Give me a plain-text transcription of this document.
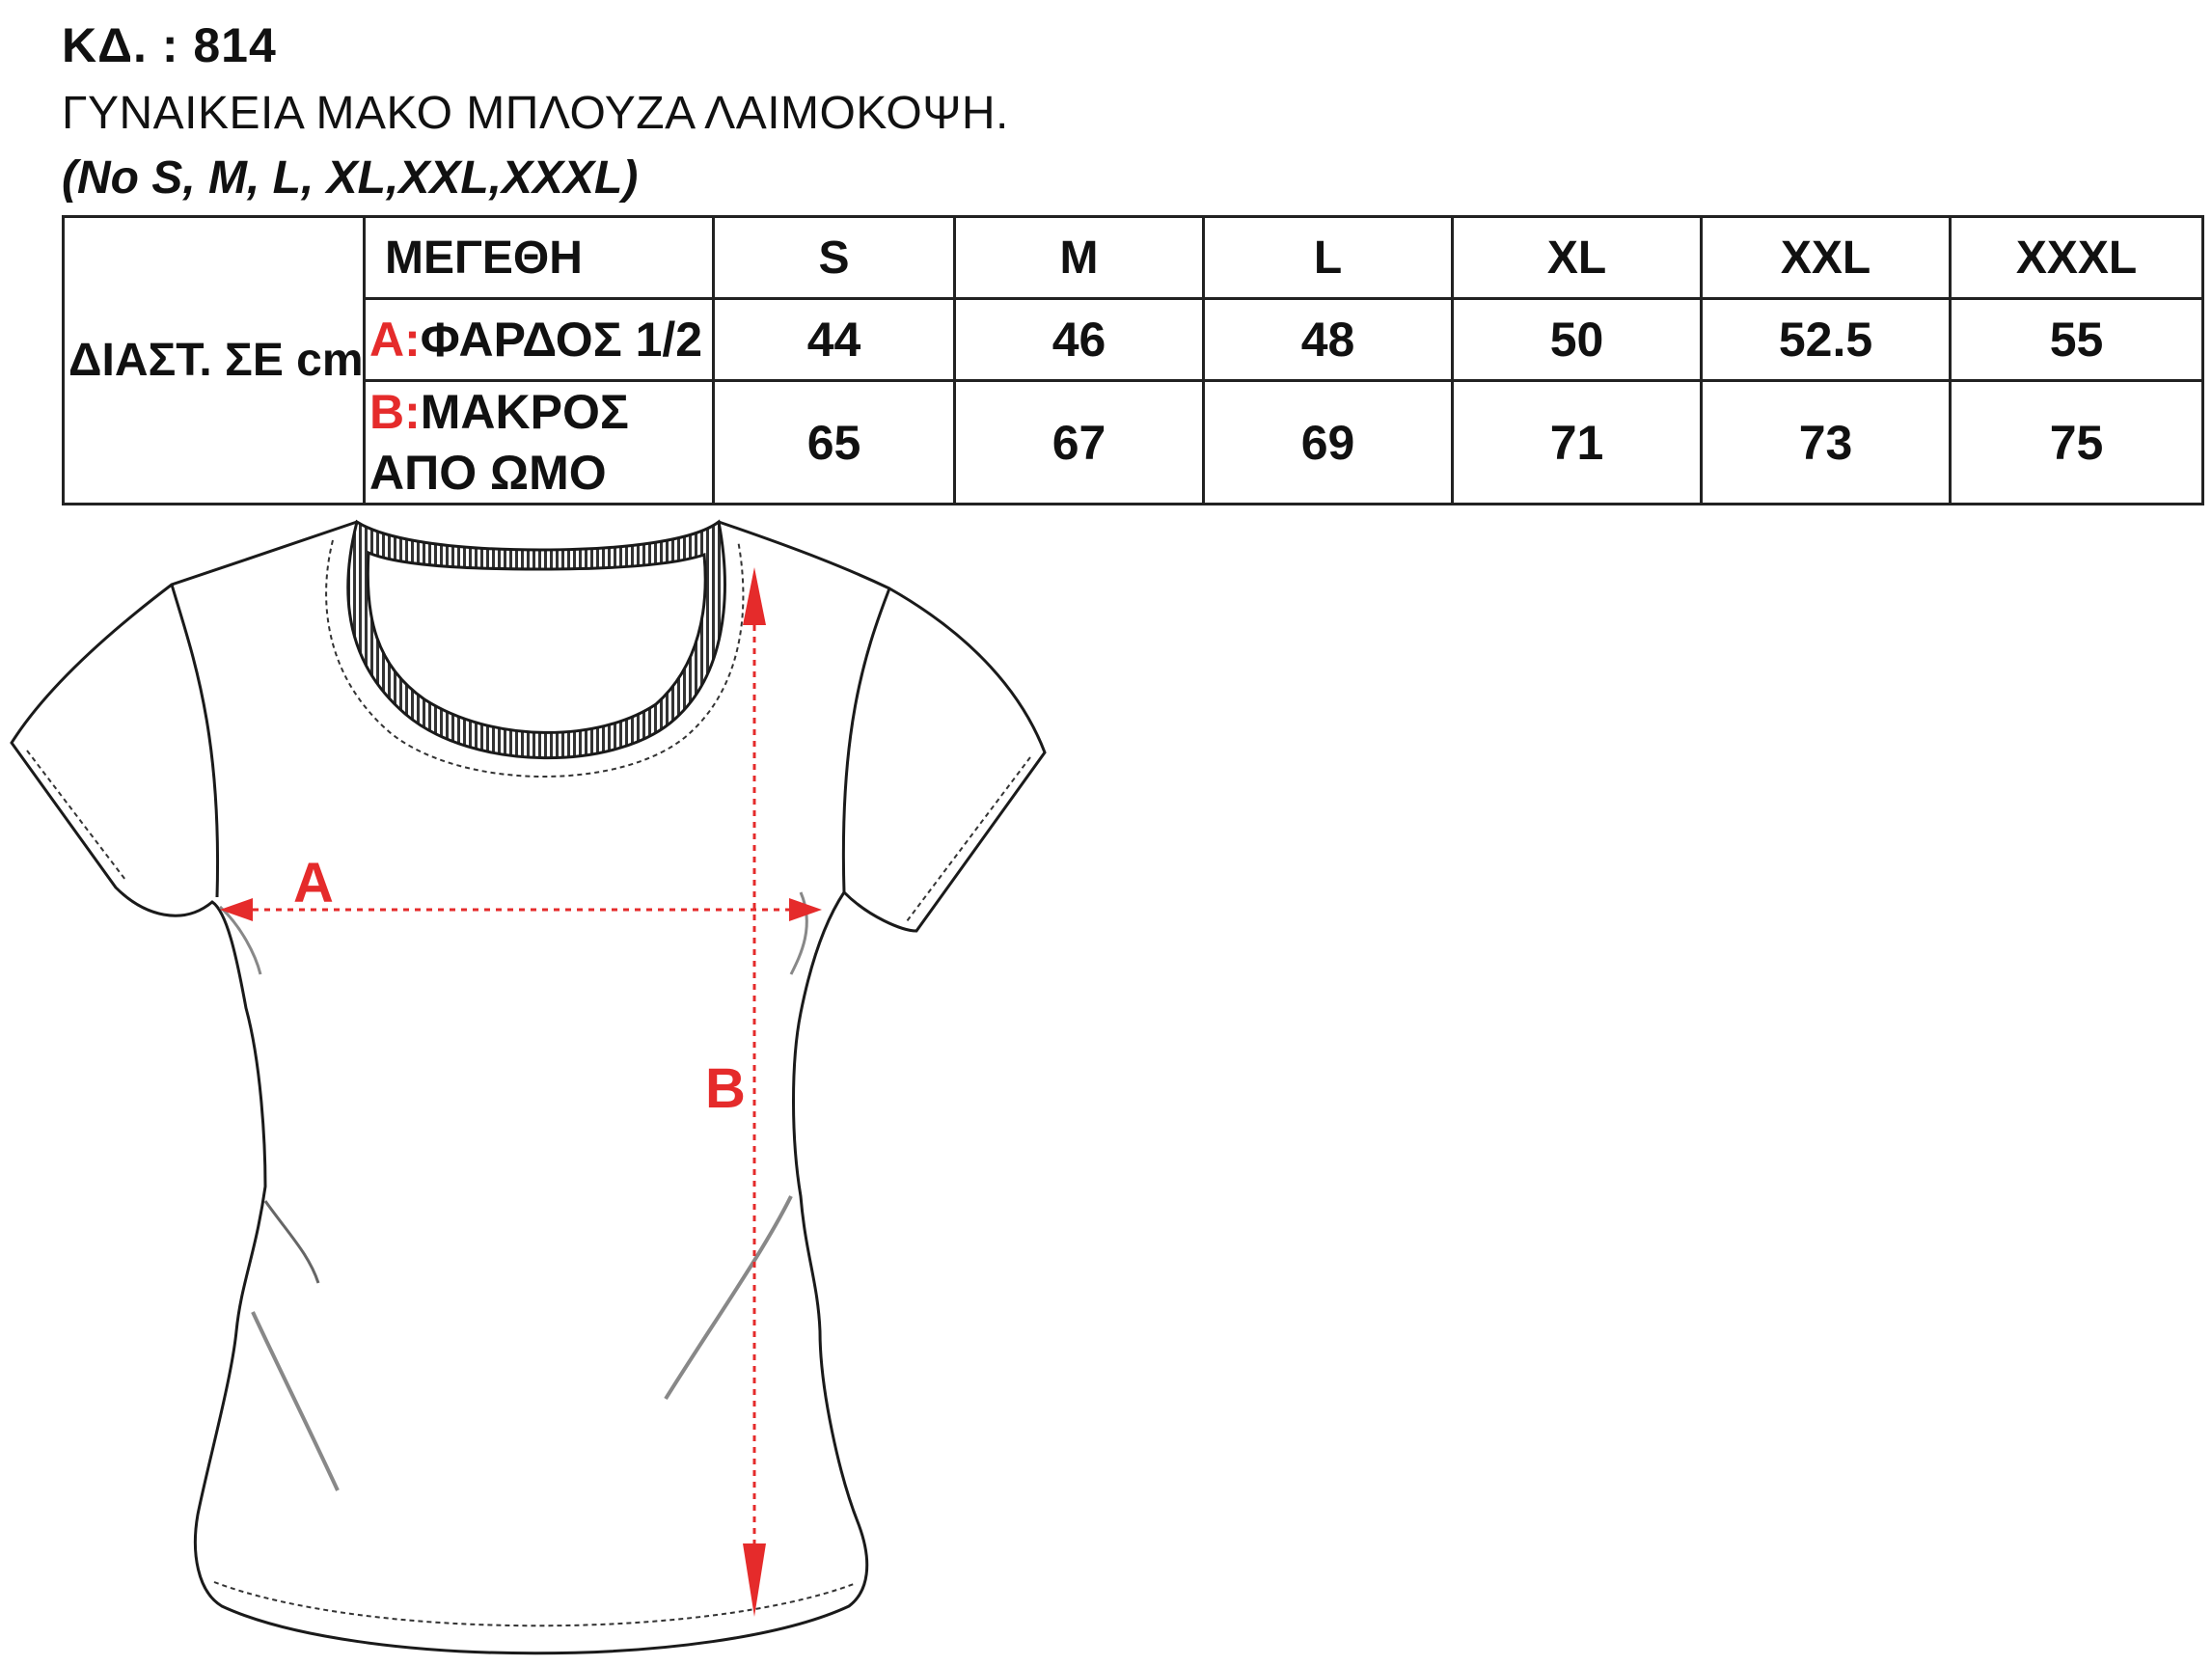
ΚΔ. : 814
ΓΥΝΑΙΚΕΙΑ ΜΑΚΟ ΜΠΛΟΥΖΑ ΛΑΙΜΟΚΟΨΗ.
(No S, M, L, XL,XXL,XXXL)
ΔΙΑΣΤ. ΣΕ cm	ΜΕΓΕΘΗ	S	M	L	XL	XXL	XXXL
	A:ΦΑΡΔΟΣ 1/2	44	46	48	50	52.5	55
	B:ΜΑΚΡΟΣ ΑΠΟ ΩΜΟ	65	67	69	71	73	75
A
B
